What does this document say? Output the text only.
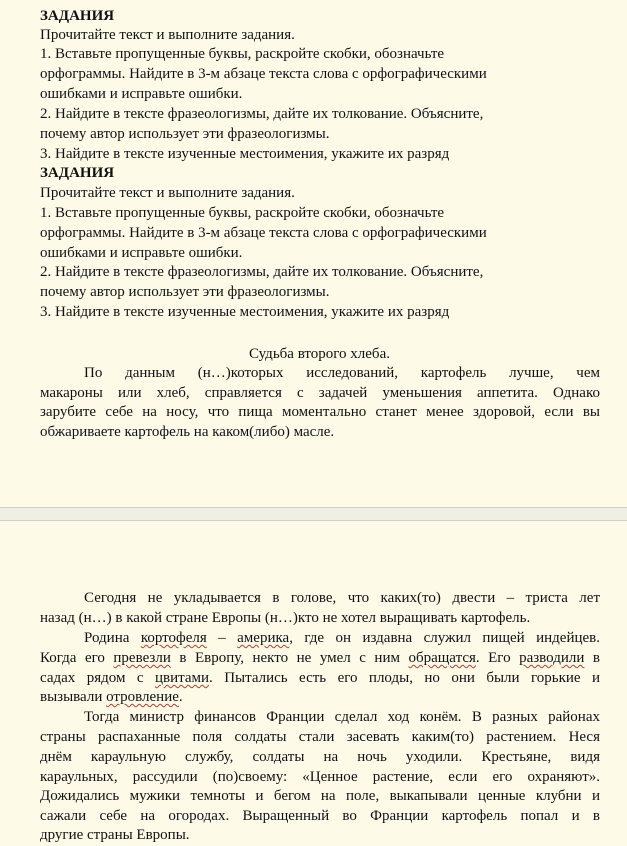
ЗАДАНИЯ
Прочитайте текст и выполните задания.
1. Вставьте пропущенные буквы, раскройте скобки, обозначьте
орфограммы. Найдите в 3-м абзаце текста слова с орфографическими
ошибками и исправьте ошибки.
2. Найдите в тексте фразеологизмы, дайте их толкование. Объясните,
почему автор использует эти фразеологизмы.
3. Найдите в тексте изученные местоимения, укажите их разряд
ЗАДАНИЯ
Прочитайте текст и выполните задания.
1. Вставьте пропущенные буквы, раскройте скобки, обозначьте
орфограммы. Найдите в 3-м абзаце текста слова с орфографическими
ошибками и исправьте ошибки.
2. Найдите в тексте фразеологизмы, дайте их толкование. Объясните,
почему автор использует эти фразеологизмы.
3. Найдите в тексте изученные местоимения, укажите их разряд
Судьба второго хлеба.
По данным (н…)которых исследований, картофель лучше, чем
макароны или хлеб, справляется с задачей уменьшения аппетита. Однако
зарубите себе на носу, что пища моментально станет менее здоровой, если вы
обжариваете картофель на каком(либо) масле.
Сегодня не укладывается в голове, что каких(то) двести – триста лет
назад (н…) в какой стране Европы (н…)кто не хотел выращивать картофель.
Родина кортофеля – америка, где он издавна служил пищей индейцев.
Когда его превезли в Европу, некто не умел с ним обращатся. Его разводили в
садах рядом с цвитами. Пытались есть его плоды, но они были горькие и
вызывали отровление.
Тогда министр финансов Франции сделал ход конём. В разных районах
страны распаханные поля солдаты стали засевать каким(то) растением. Неся
днём караульную службу, солдаты на ночь уходили. Крестьяне, видя
караульных, рассудили (по)своему: «Ценное растение, если его охраняют».
Дожидались мужики темноты и бегом на поле, выкапывали ценные клубни и
сажали себе на огородах. Выращенный во Франции картофель попал и в
другие страны Европы.
